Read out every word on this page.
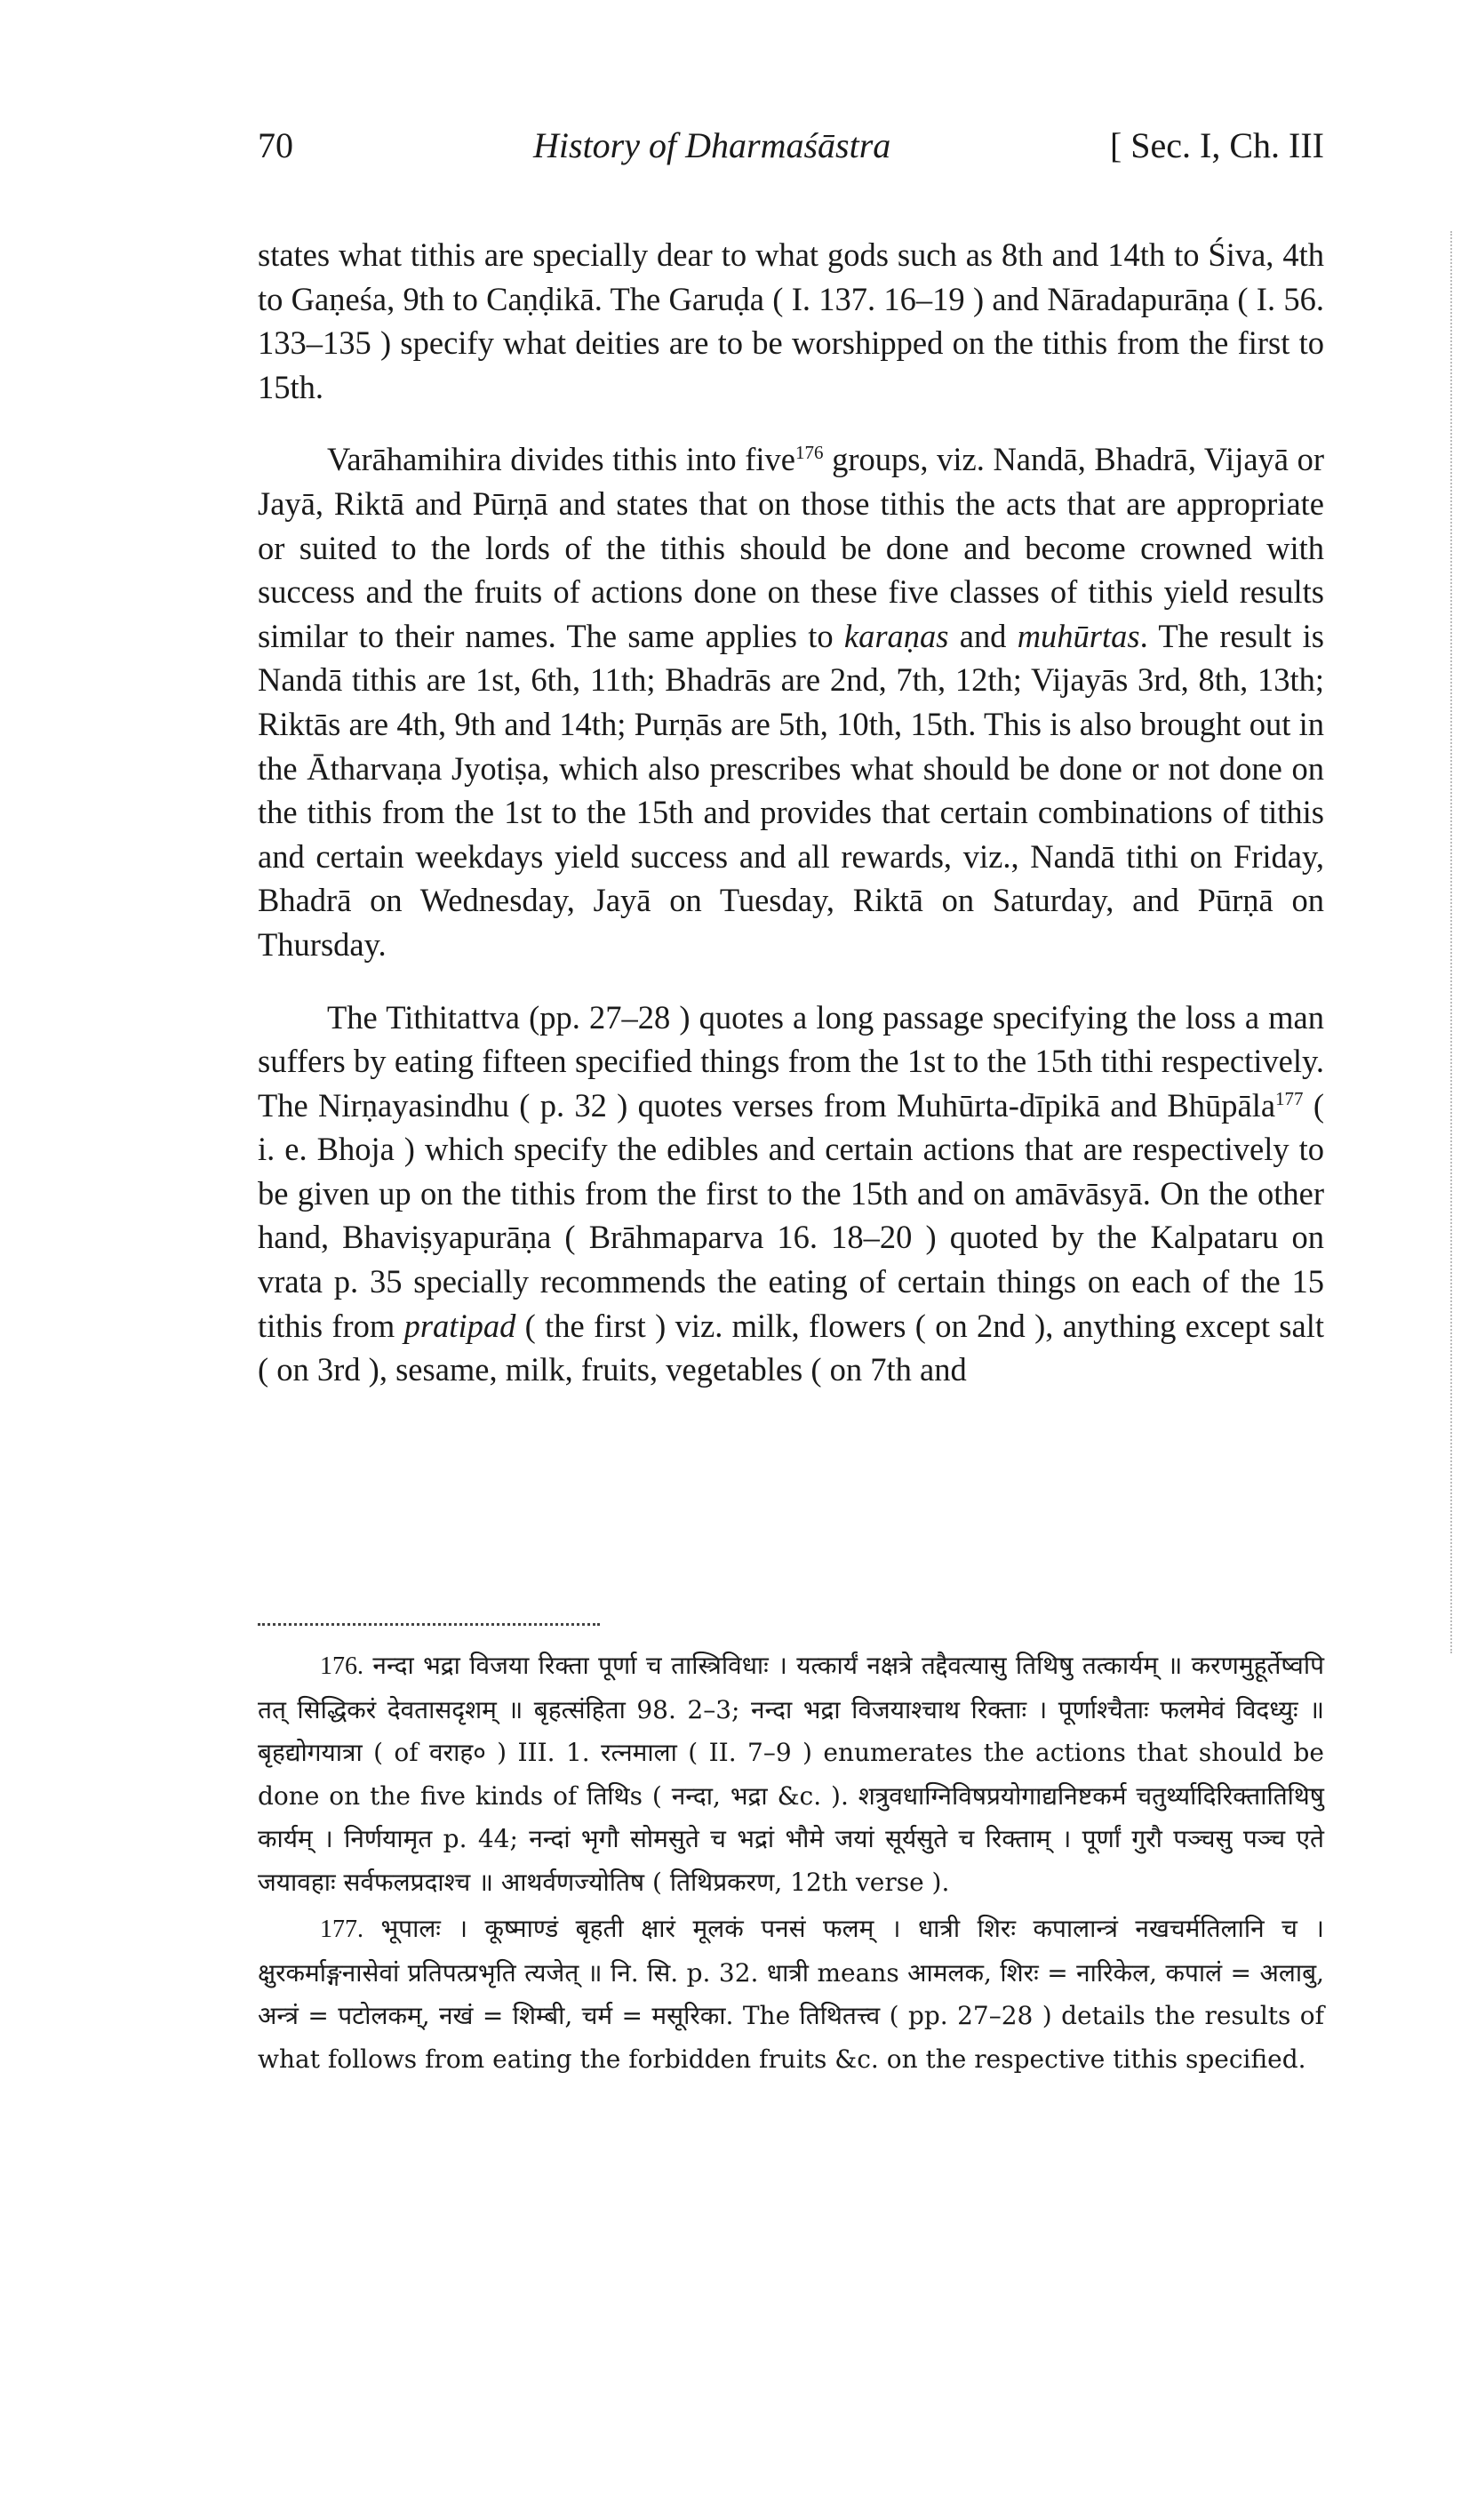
70	History of Dharmaśāstra	[ Sec. I, Ch. III

states what tithis are specially dear to what gods such as 8th and 14th to Śiva, 4th to Gaṇeśa, 9th to Caṇḍikā. The Garuḍa ( I. 137. 16–19 ) and Nāradapurāṇa ( I. 56. 133–135 ) specify what deities are to be worshipped on the tithis from the first to 15th.

Varāhamihira divides tithis into five$^{176}$ groups, viz. Nandā, Bhadrā, Vijayā or Jayā, Riktā and Pūrṇā and states that on those tithis the acts that are appropriate or suited to the lords of the tithis should be done and become crowned with success and the fruits of actions done on these five classes of tithis yield results similar to their names. The same applies to karaṇas and muhūrtas. The result is Nandā tithis are 1st, 6th, 11th; Bhadrās are 2nd, 7th, 12th; Vijayās 3rd, 8th, 13th; Riktās are 4th, 9th and 14th; Purṇās are 5th, 10th, 15th. This is also brought out in the Ātharvaṇa Jyotiṣa, which also prescribes what should be done or not done on the tithis from the 1st to the 15th and provides that certain combinations of tithis and certain weekdays yield success and all rewards, viz., Nandā tithi on Friday, Bhadrā on Wednesday, Jayā on Tuesday, Riktā on Saturday, and Pūrṇā on Thursday.

The Tithitattva (pp. 27–28 ) quotes a long passage specifying the loss a man suffers by eating fifteen specified things from the 1st to the 15th tithi respectively. The Nirṇayasindhu ( p. 32 ) quotes verses from Muhūrta-dīpikā and Bhūpāla$^{177}$ ( i. e. Bhoja ) which specify the edibles and certain actions that are respectively to be given up on the tithis from the first to the 15th and on amāvāsyā. On the other hand, Bhaviṣyapurāṇa ( Brāhmaparva 16. 18–20 ) quoted by the Kalpataru on vrata p. 35 specially recommends the eating of certain things on each of the 15 tithis from pratipad ( the first ) viz. milk, flowers ( on 2nd ), anything except salt ( on 3rd ), sesame, milk, fruits, vegetables ( on 7th and

176. नन्दा भद्रा विजया रिक्ता पूर्णा च तास्त्रिविधाः । यत्कार्यं नक्षत्रे तद्दैवत्यासु तिथिषु तत्कार्यम् ॥ करणमुहूर्तेष्वपि तत् सिद्धिकरं देवतासदृशम् ॥ बृहत्संहिता 98. 2–3; नन्दा भद्रा विजयाश्चाथ रिक्ताः । पूर्णाश्चैताः फलमेवं विदध्युः ॥ बृहद्योगयात्रा ( of वराह० ) III. 1. रत्नमाला ( II. 7–9 ) enumerates the actions that should be done on the five kinds of तिथिs ( नन्दा, भद्रा &c. ). शत्रुवधाग्निविषप्रयोगाद्यनिष्टकर्म चतुर्थ्यादिरिक्तातिथिषु कार्यम् । निर्णयामृत p. 44; नन्दां भृगौ सोमसुते च भद्रां भौमे जयां सूर्यसुते च रिक्ताम् । पूर्णां गुरौ पञ्चसु पञ्च एते जयावहाः सर्वफलप्रदाश्च ॥ आथर्वणज्योतिष ( तिथिप्रकरण, 12th verse ).

177. भूपालः । कूष्माण्डं बृहती क्षारं मूलकं पनसं फलम् । धात्री शिरः कपालान्त्रं नखचर्मतिलानि च । क्षुरकर्माङ्गनासेवां प्रतिपत्प्रभृति त्यजेत् ॥ नि. सि. p. 32. धात्री means आमलक, शिरः = नारिकेल, कपालं = अलाबु, अन्त्रं = पटोलकम्, नखं = शिम्बी, चर्म = मसूरिका. The तिथितत्त्व ( pp. 27–28 ) details the results of what follows from eating the forbidden fruits &c. on the respective tithis specified.
